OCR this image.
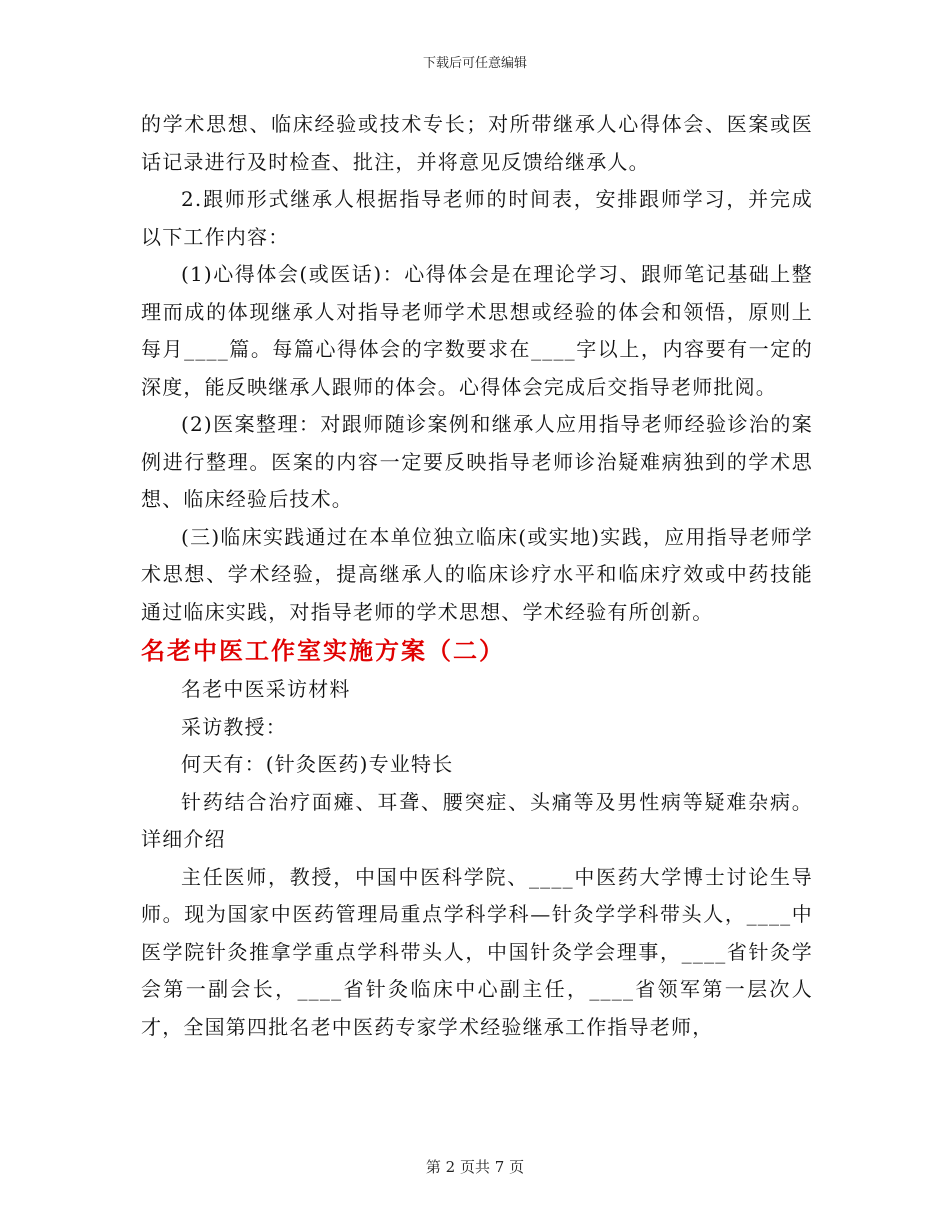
下载后可任意编辑

的学术思想、临床经验或技术专长；对所带继承人心得体会、医案或医话记录进行及时检查、批注，并将意见反馈给继承人。

2.跟师形式继承人根据指导老师的时间表，安排跟师学习，并完成以下工作内容：

(1)心得体会(或医话)：心得体会是在理论学习、跟师笔记基础上整理而成的体现继承人对指导老师学术思想或经验的体会和领悟，原则上每月____篇。每篇心得体会的字数要求在____字以上，内容要有一定的深度，能反映继承人跟师的体会。心得体会完成后交指导老师批阅。

(2)医案整理：对跟师随诊案例和继承人应用指导老师经验诊治的案例进行整理。医案的内容一定要反映指导老师诊治疑难病独到的学术思想、临床经验后技术。

(三)临床实践通过在本单位独立临床(或实地)实践，应用指导老师学术思想、学术经验，提高继承人的临床诊疗水平和临床疗效或中药技能通过临床实践，对指导老师的学术思想、学术经验有所创新。

名老中医工作室实施方案（二）

名老中医采访材料

采访教授：

何天有：(针灸医药)专业特长

针药结合治疗面瘫、耳聋、腰突症、头痛等及男性病等疑难杂病。详细介绍

主任医师，教授，中国中医科学院、____中医药大学博士讨论生导师。现为国家中医药管理局重点学科学科—针灸学学科带头人，____中医学院针灸推拿学重点学科带头人，中国针灸学会理事，____省针灸学会第一副会长，____省针灸临床中心副主任，____省领军第一层次人才，全国第四批名老中医药专家学术经验继承工作指导老师，

第 2 页共 7 页
